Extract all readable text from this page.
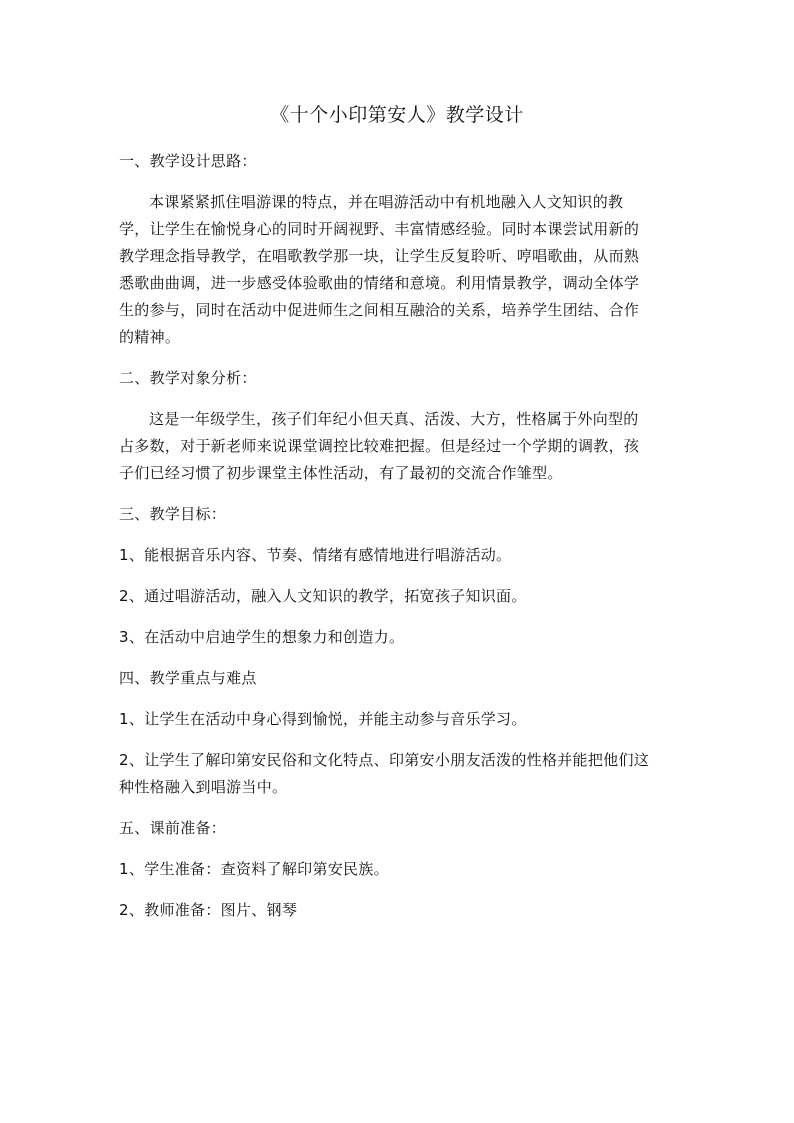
《十个小印第安人》教学设计
一、教学设计思路：
本课紧紧抓住唱游课的特点，并在唱游活动中有机地融入人文知识的教
学，让学生在愉悦身心的同时开阔视野、丰富情感经验。同时本课尝试用新的
教学理念指导教学，在唱歌教学那一块，让学生反复聆听、哼唱歌曲，从而熟
悉歌曲曲调，进一步感受体验歌曲的情绪和意境。利用情景教学，调动全体学
生的参与，同时在活动中促进师生之间相互融洽的关系，培养学生团结、合作
的精神。
二、教学对象分析：
这是一年级学生，孩子们年纪小但天真、活泼、大方，性格属于外向型的
占多数，对于新老师来说课堂调控比较难把握。但是经过一个学期的调教，孩
子们已经习惯了初步课堂主体性活动，有了最初的交流合作雏型。
三、教学目标：
1、能根据音乐内容、节奏、情绪有感情地进行唱游活动。
2、通过唱游活动，融入人文知识的教学，拓宽孩子知识面。
3、在活动中启迪学生的想象力和创造力。
四、教学重点与难点
1、让学生在活动中身心得到愉悦，并能主动参与音乐学习。
2、让学生了解印第安民俗和文化特点、印第安小朋友活泼的性格并能把他们这
种性格融入到唱游当中。
五、课前准备：
1、学生准备：查资料了解印第安民族。
2、教师准备：图片、钢琴
